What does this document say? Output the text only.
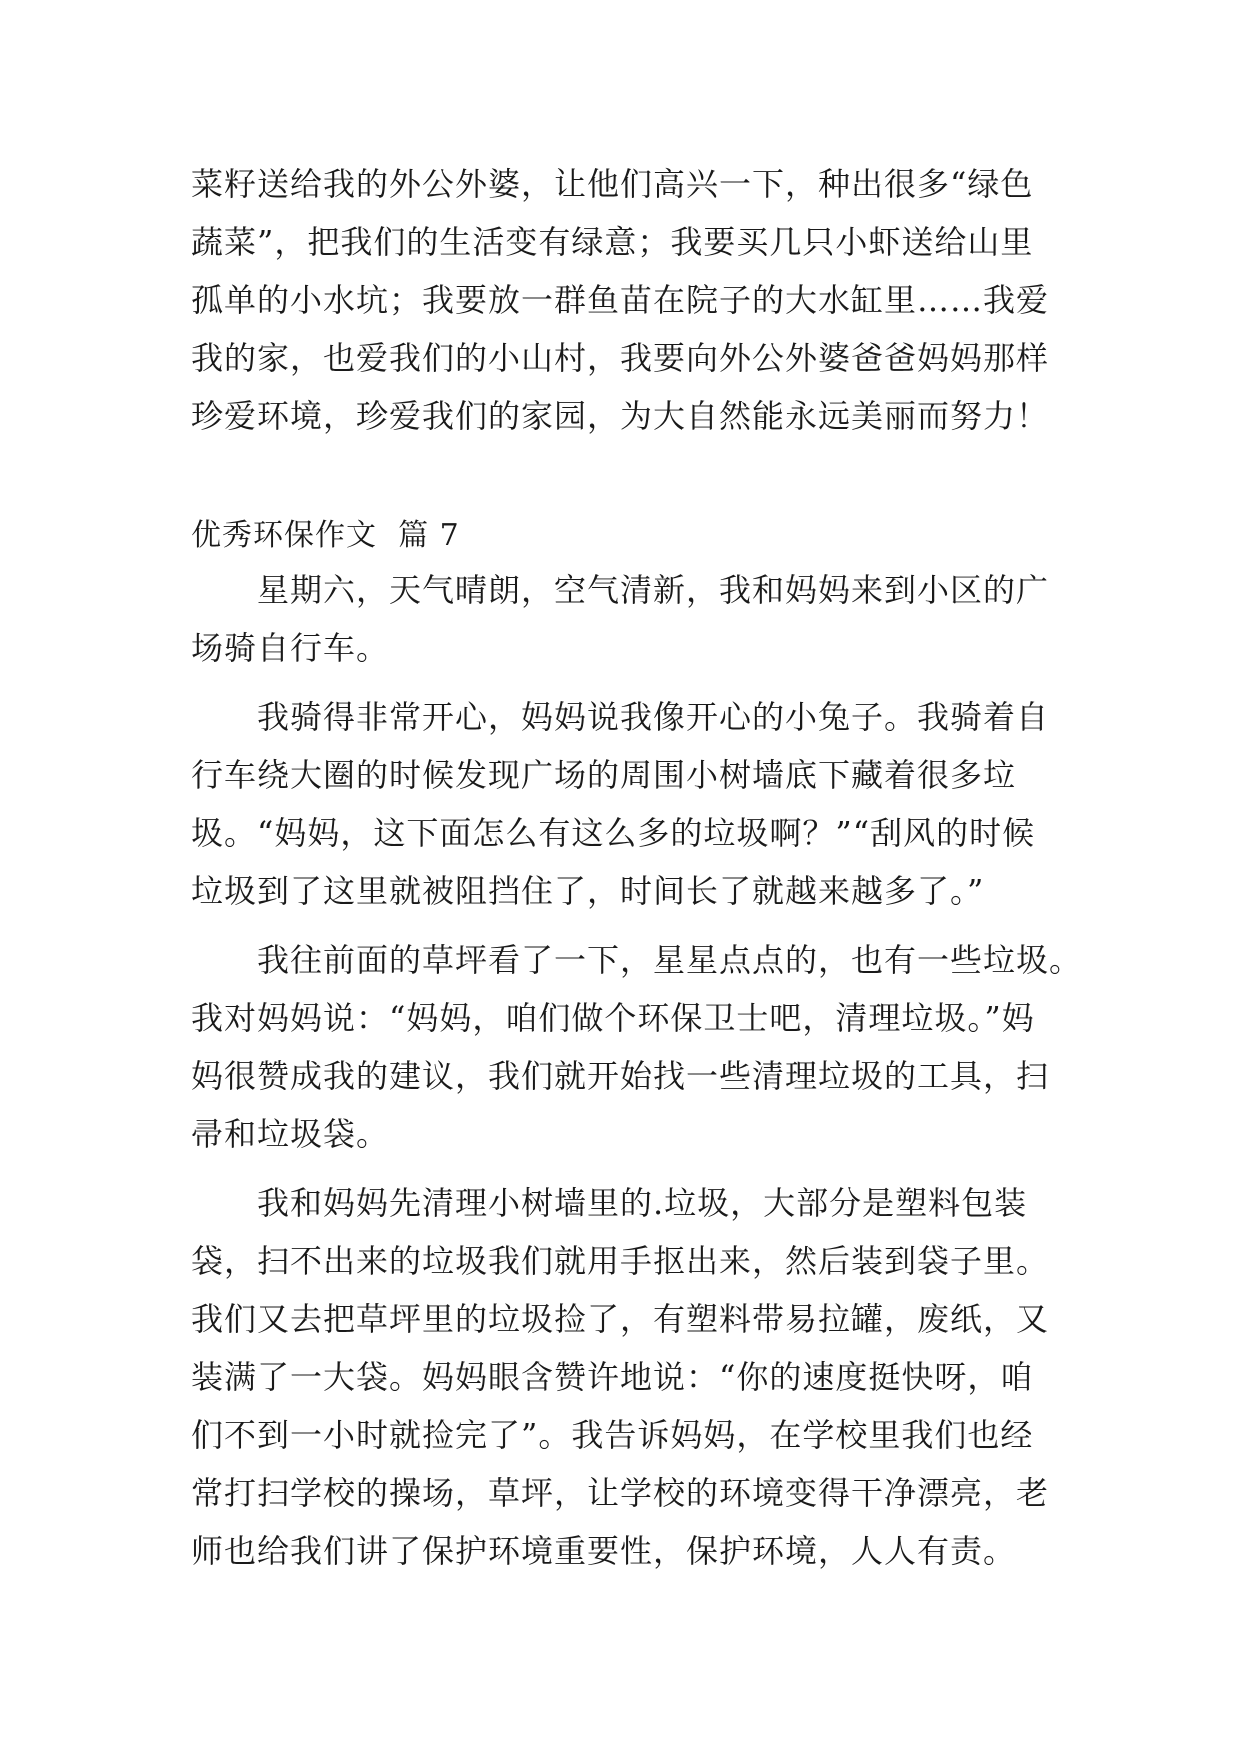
菜籽送给我的外公外婆，让他们高兴一下，种出很多“绿色
蔬菜”，把我们的生活变有绿意；我要买几只小虾送给山里
孤单的小水坑；我要放一群鱼苗在院子的大水缸里……我爱
我的家，也爱我们的小山村，我要向外公外婆爸爸妈妈那样
珍爱环境，珍爱我们的家园，为大自然能永远美丽而努力！
优秀环保作文  篇 7
星期六，天气晴朗，空气清新，我和妈妈来到小区的广
场骑自行车。
我骑得非常开心，妈妈说我像开心的小兔子。我骑着自
行车绕大圈的时候发现广场的周围小树墙底下藏着很多垃
圾。“妈妈，这下面怎么有这么多的垃圾啊？”“刮风的时候
垃圾到了这里就被阻挡住了，时间长了就越来越多了。”
我往前面的草坪看了一下，星星点点的，也有一些垃圾。
我对妈妈说：“妈妈，咱们做个环保卫士吧，清理垃圾。”妈
妈很赞成我的建议，我们就开始找一些清理垃圾的工具，扫
帚和垃圾袋。
我和妈妈先清理小树墙里的.垃圾，大部分是塑料包装
袋，扫不出来的垃圾我们就用手抠出来，然后装到袋子里。
我们又去把草坪里的垃圾捡了，有塑料带易拉罐，废纸，又
装满了一大袋。妈妈眼含赞许地说：“你的速度挺快呀，咱
们不到一小时就捡完了”。我告诉妈妈，在学校里我们也经
常打扫学校的操场，草坪，让学校的环境变得干净漂亮，老
师也给我们讲了保护环境重要性，保护环境，人人有责。
